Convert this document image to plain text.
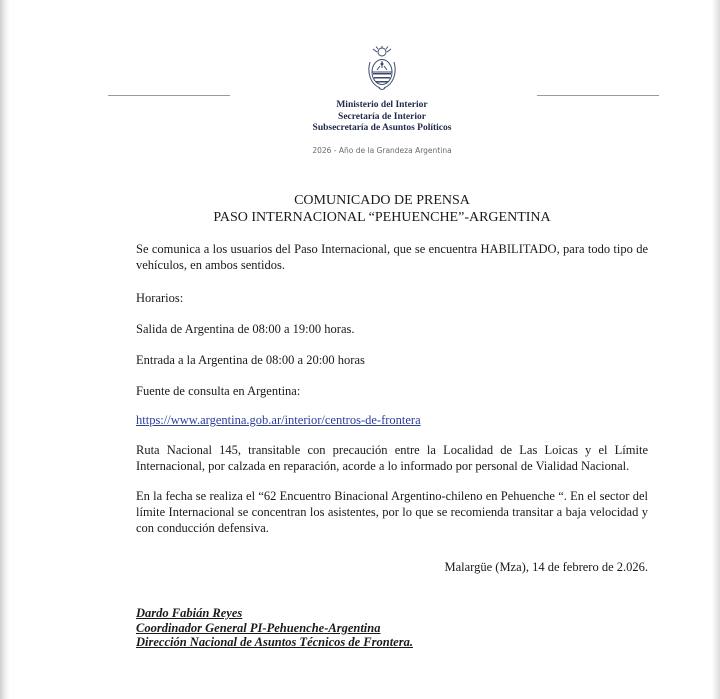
Ministerio del Interior
Secretaría de Interior
Subsecretaría de Asuntos Políticos
2026 - Año de la Grandeza Argentina
COMUNICADO DE PRENSA
PASO INTERNACIONAL “PEHUENCHE”-ARGENTINA

Se comunica a los usuarios del Paso Internacional, que se encuentra HABILITADO, para todo tipo de vehículos, en ambos sentidos.

Horarios:

Salida de Argentina de 08:00 a 19:00 horas.

Entrada a la Argentina de 08:00 a 20:00 horas

Fuente de consulta en Argentina:

https://www.argentina.gob.ar/interior/centros-de-frontera

Ruta Nacional 145, transitable con precaución entre la Localidad de Las Loicas y el Límite Internacional, por calzada en reparación, acorde a lo informado por personal de Vialidad Nacional.

En la fecha se realiza el “62 Encuentro Binacional Argentino-chileno en Pehuenche “. En el sector del límite Internacional se concentran los asistentes, por lo que se recomienda transitar a baja velocidad y con conducción defensiva.

Malargüe (Mza), 14 de febrero de 2.026.
Dardo Fabián Reyes
Coordinador General PI-Pehuenche-Argentina
Dirección Nacional de Asuntos Técnicos de Frontera.
